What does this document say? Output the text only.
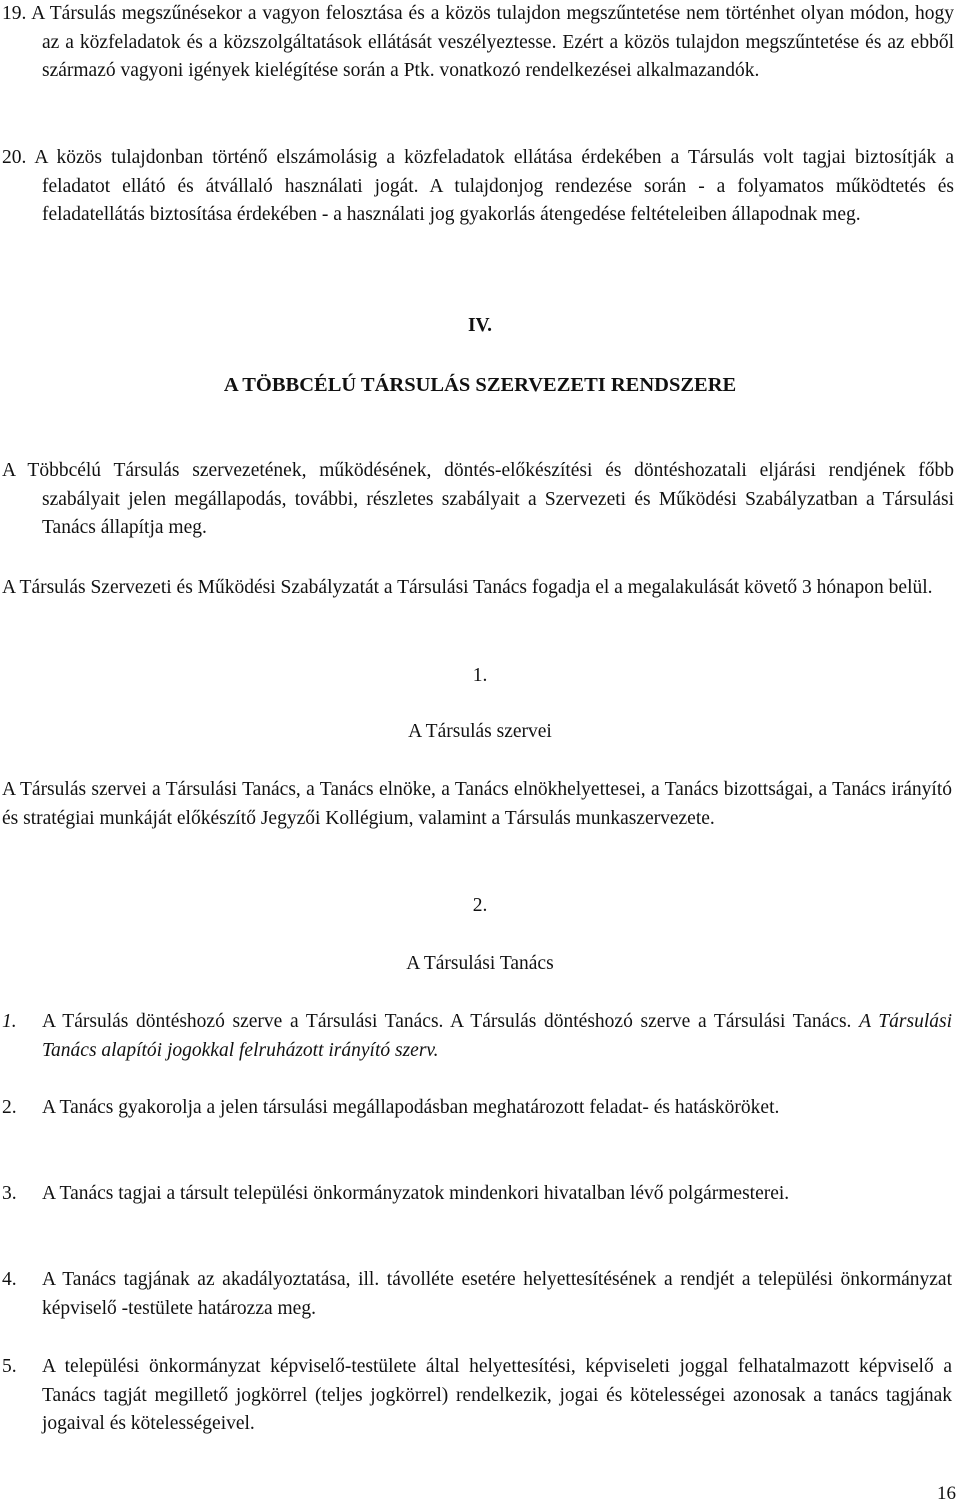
19. A Társulás megszűnésekor a vagyon felosztása és a közös tulajdon megszűntetése nem történhet olyan módon, hogy az a közfeladatok és a közszolgáltatások ellátását veszélyeztesse. Ezért a közös tulajdon megszűntetése és az ebből származó vagyoni igények kielégítése során a Ptk. vonatkozó rendelkezései alkalmazandók.
20. A közös tulajdonban történő elszámolásig a közfeladatok ellátása érdekében a Társulás volt tagjai biztosítják a feladatot ellátó és átvállaló használati jogát. A tulajdonjog rendezése során - a folyamatos működtetés és feladatellátás biztosítása érdekében - a használati jog gyakorlás átengedése feltételeiben állapodnak meg.
IV.
A TÖBBCÉLÚ TÁRSULÁS SZERVEZETI RENDSZERE
A Többcélú Társulás szervezetének, működésének, döntés-előkészítési és döntéshozatali eljárási rendjének főbb szabályait jelen megállapodás, további, részletes szabályait a Szervezeti és Működési Szabályzatban a Társulási Tanács állapítja meg.
A Társulás Szervezeti és Működési Szabályzatát a Társulási Tanács fogadja el a megalakulását követő 3 hónapon belül.
1.
A Társulás szervei
A Társulás szervei a Társulási Tanács, a Tanács elnöke, a Tanács elnökhelyettesei, a Tanács bizottságai, a Tanács irányító és stratégiai munkáját előkészítő Jegyzői Kollégium, valamint a Társulás munkaszervezete.
2.
A Társulási Tanács
1. A Társulás döntéshozó szerve a Társulási Tanács. A Társulás döntéshozó szerve a Társulási Tanács. A Társulási Tanács alapítói jogokkal felruházott irányító szerv.
2. A Tanács gyakorolja a jelen társulási megállapodásban meghatározott feladat- és hatásköröket.
3. A Tanács tagjai a társult települési önkormányzatok mindenkori hivatalban lévő polgármesterei.
4. A Tanács tagjának az akadályoztatása, ill. távolléte esetére helyettesítésének a rendjét a települési önkormányzat képviselő -testülete határozza meg.
5. A települési önkormányzat képviselő-testülete által helyettesítési, képviseleti joggal felhatalmazott képviselő a Tanács tagját megillető jogkörrel (teljes jogkörrel) rendelkezik, jogai és kötelességei azonosak a tanács tagjának jogaival és kötelességeivel.
16
